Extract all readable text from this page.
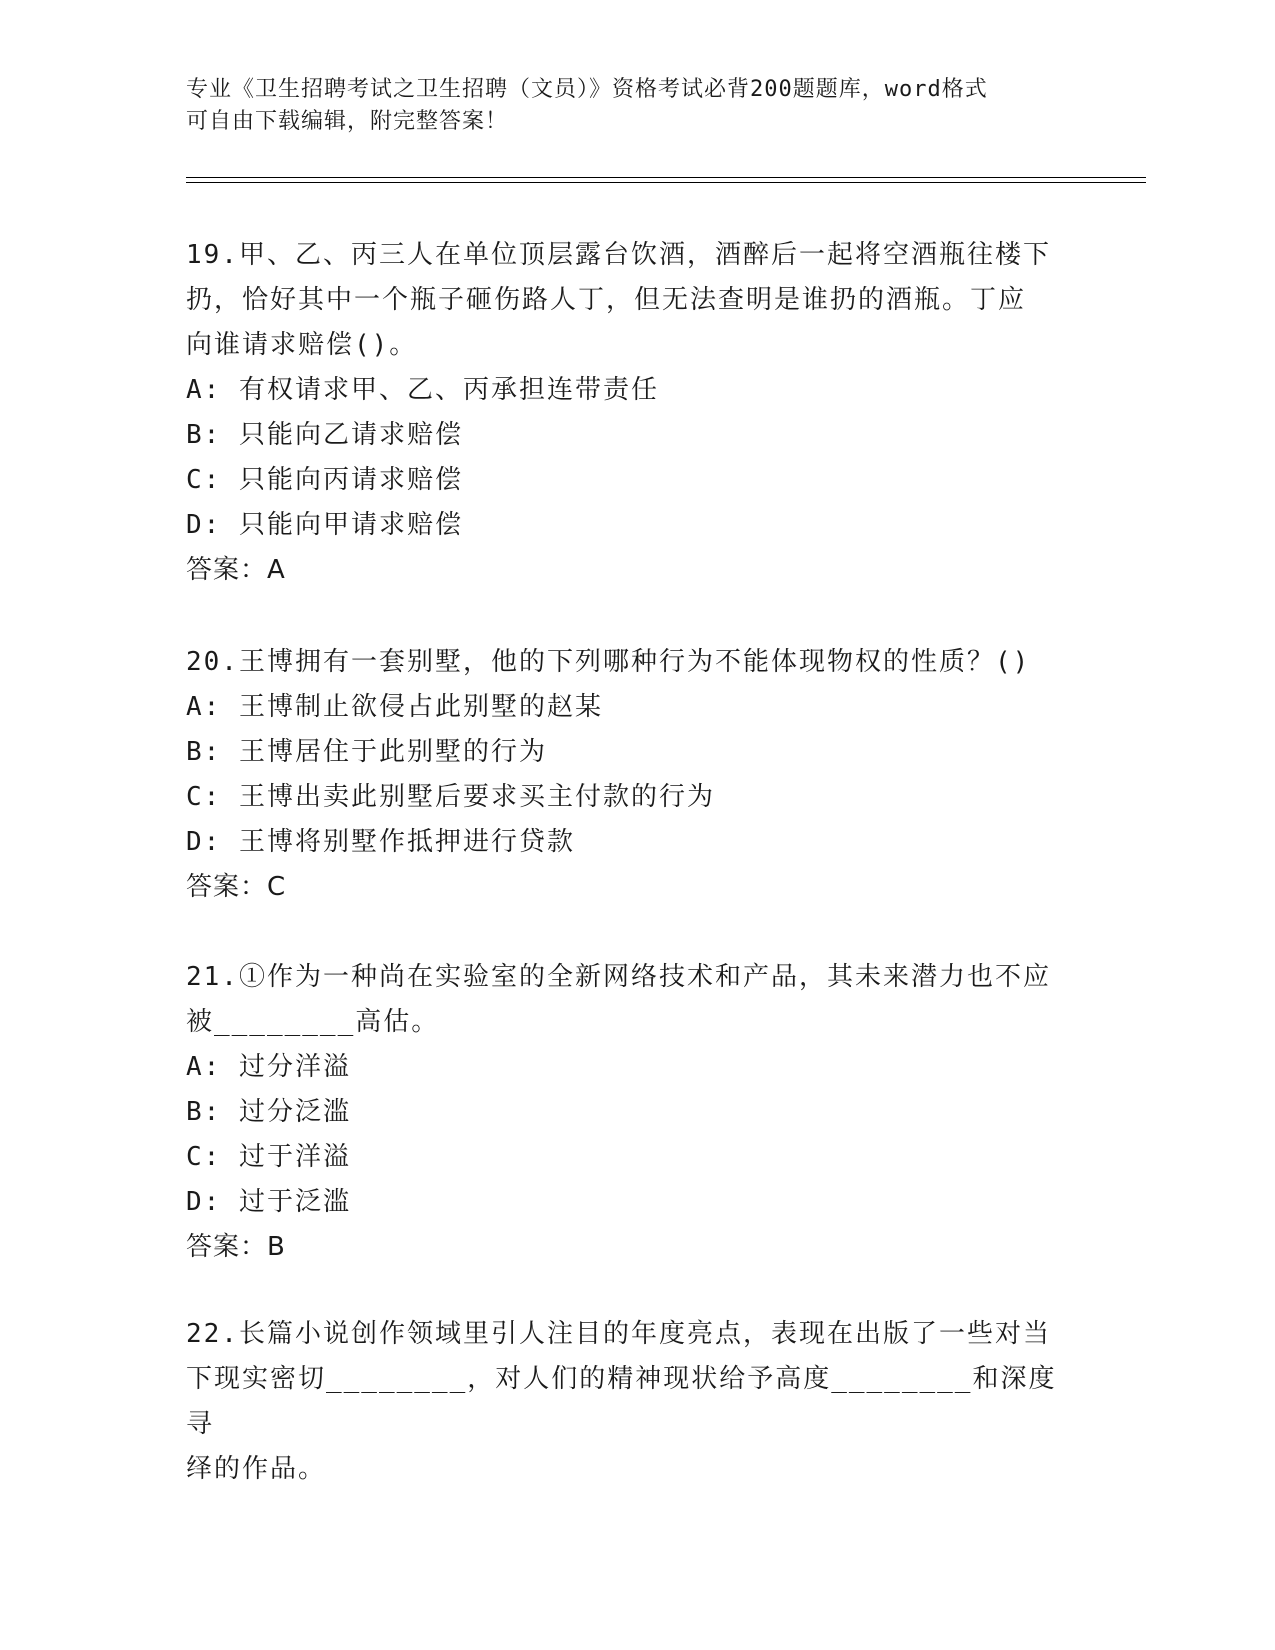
专业《卫生招聘考试之卫生招聘（文员）》资格考试必背200题题库，word格式
可自由下载编辑，附完整答案！

19.甲、乙、丙三人在单位顶层露台饮酒，酒醉后一起将空酒瓶往楼下

扔，恰好其中一个瓶子砸伤路人丁，但无法查明是谁扔的酒瓶。丁应

向谁请求赔偿()。

A: 有权请求甲、乙、丙承担连带责任

B: 只能向乙请求赔偿

C: 只能向丙请求赔偿

D: 只能向甲请求赔偿

答案：A

20.王博拥有一套别墅，他的下列哪种行为不能体现物权的性质？()

A: 王博制止欲侵占此别墅的赵某

B: 王博居住于此别墅的行为

C: 王博出卖此别墅后要求买主付款的行为

D: 王博将别墅作抵押进行贷款

答案：C

21.①作为一种尚在实验室的全新网络技术和产品，其未来潜力也不应

被________高估。

A: 过分洋溢

B: 过分泛滥

C: 过于洋溢

D: 过于泛滥

答案：B

22.长篇小说创作领域里引人注目的年度亮点，表现在出版了一些对当

下现实密切________，对人们的精神现状给予高度________和深度寻

绎的作品。
